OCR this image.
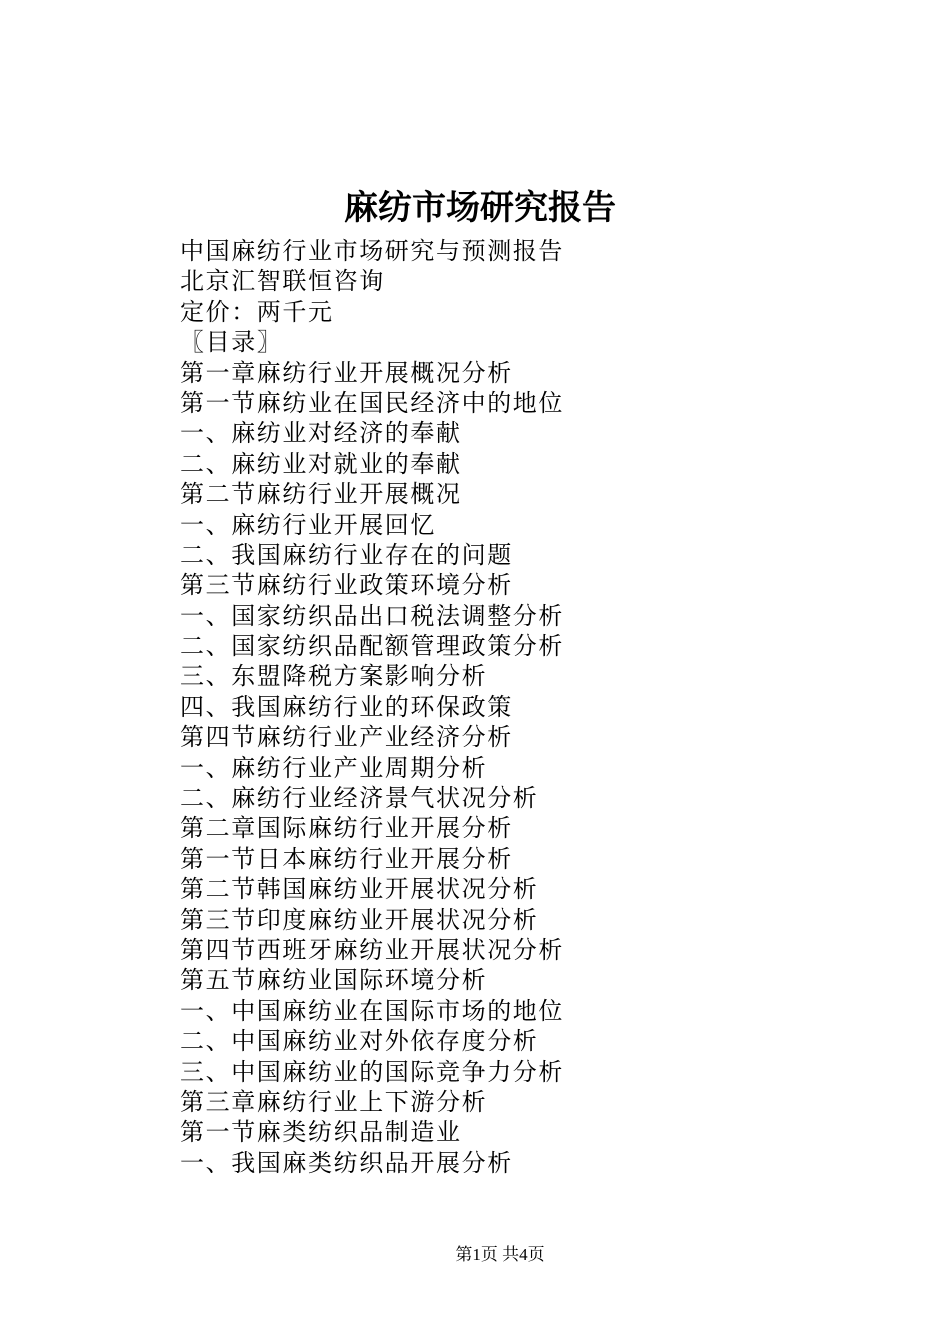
麻纺市场研究报告
中国麻纺行业市场研究与预测报告
北京汇智联恒咨询
定价：两千元
〖目录〗
第一章麻纺行业开展概况分析
第一节麻纺业在国民经济中的地位
一、麻纺业对经济的奉献
二、麻纺业对就业的奉献
第二节麻纺行业开展概况
一、麻纺行业开展回忆
二、我国麻纺行业存在的问题
第三节麻纺行业政策环境分析
一、国家纺织品出口税法调整分析
二、国家纺织品配额管理政策分析
三、东盟降税方案影响分析
四、我国麻纺行业的环保政策
第四节麻纺行业产业经济分析
一、麻纺行业产业周期分析
二、麻纺行业经济景气状况分析
第二章国际麻纺行业开展分析
第一节日本麻纺行业开展分析
第二节韩国麻纺业开展状况分析
第三节印度麻纺业开展状况分析
第四节西班牙麻纺业开展状况分析
第五节麻纺业国际环境分析
一、中国麻纺业在国际市场的地位
二、中国麻纺业对外依存度分析
三、中国麻纺业的国际竞争力分析
第三章麻纺行业上下游分析
第一节麻类纺织品制造业
一、我国麻类纺织品开展分析
第1页 共4页
